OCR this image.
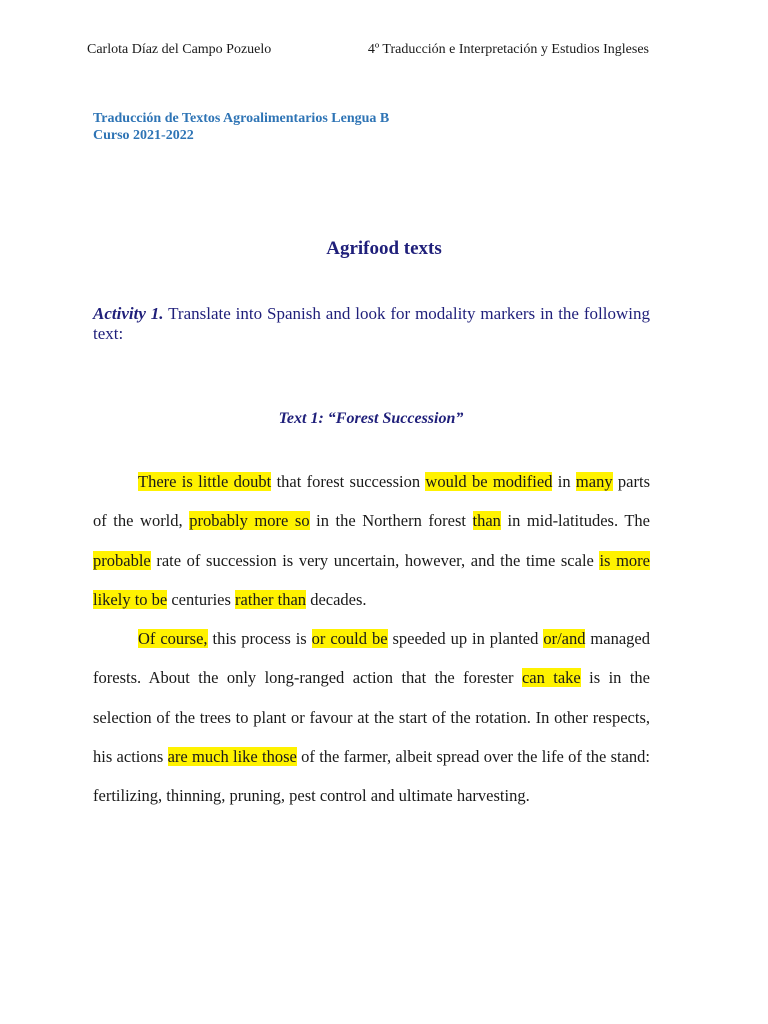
Carlota Díaz del Campo Pozuelo	4º Traducción e Interpretación y Estudios Ingleses
Traducción de Textos Agroalimentarios Lengua B
Curso 2021-2022
Agrifood texts
Activity 1. Translate into Spanish and look for modality markers in the following text:
Text 1: “Forest Succession”

There is little doubt that forest succession would be modified in many parts of the world, probably more so in the Northern forest than in mid-latitudes. The probable rate of succession is very uncertain, however, and the time scale is more likely to be centuries rather than decades.

Of course, this process is or could be speeded up in planted or/and managed forests. About the only long-ranged action that the forester can take is in the selection of the trees to plant or favour at the start of the rotation. In other respects, his actions are much like those of the farmer, albeit spread over the life of the stand: fertilizing, thinning, pruning, pest control and ultimate harvesting.
